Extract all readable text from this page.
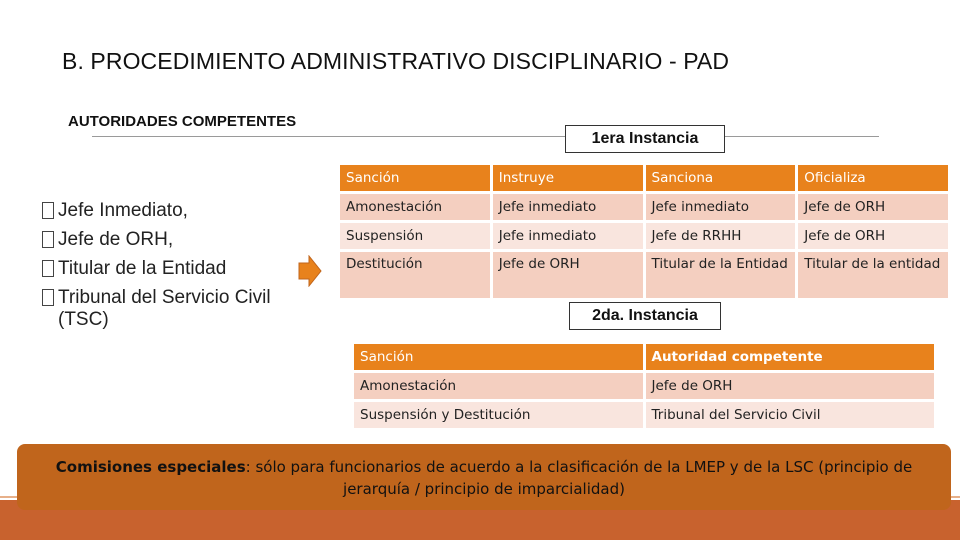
B. PROCEDIMIENTO ADMINISTRATIVO DISCIPLINARIO - PAD
AUTORIDADES COMPETENTES
1era Instancia
Jefe Inmediato,
Jefe de ORH,
Titular de la Entidad
Tribunal del Servicio Civil (TSC)
Sanción	Instruye	Sanciona	Oficializa
Amonestación	Jefe inmediato	Jefe inmediato	Jefe de ORH
Suspensión	Jefe inmediato	Jefe de RRHH	Jefe de ORH
Destitución	Jefe de ORH	Titular de la Entidad	Titular de la entidad
2da. Instancia
Sanción	Autoridad competente
Amonestación	Jefe de ORH
Suspensión y Destitución	Tribunal del Servicio Civil
Comisiones especiales: sólo para funcionarios de acuerdo a la clasificación de la LMEP y de la LSC (principio de jerarquía / principio de imparcialidad)
